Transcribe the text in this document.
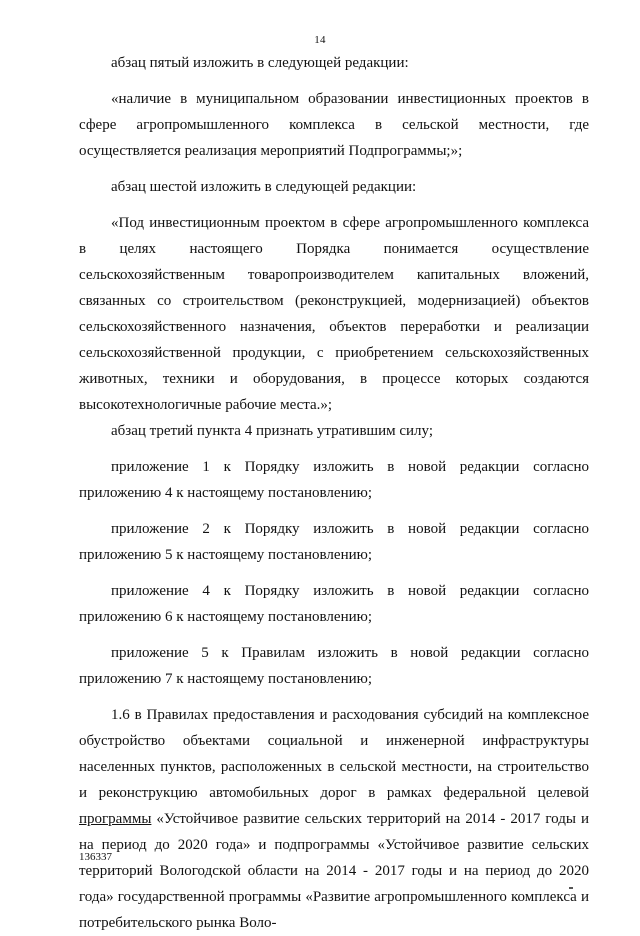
14

абзац пятый изложить в следующей редакции:

«наличие в муниципальном образовании инвестиционных проектов в сфере агропромышленного комплекса в сельской местности, где осуществляется реализация мероприятий Подпрограммы;»;

абзац шестой изложить в следующей редакции:

«Под инвестиционным проектом в сфере агропромышленного комплекса в целях настоящего Порядка понимается осуществление сельскохозяйственным товаропроизводителем капитальных вложений, связанных со строительством (реконструкцией, модернизацией) объектов сельскохозяйственного назначения, объектов переработки и реализации сельскохозяйственной продукции, с приобретением сельскохозяйственных животных, техники и оборудования, в процессе которых создаются высокотехнологичные рабочие места.»;

абзац третий пункта 4 признать утратившим силу;

приложение 1 к Порядку изложить в новой редакции согласно приложению 4 к настоящему постановлению;

приложение 2 к Порядку изложить в новой редакции согласно приложению 5 к настоящему постановлению;

приложение 4 к Порядку изложить в новой редакции согласно приложению 6 к настоящему постановлению;

приложение 5 к Правилам изложить в новой редакции согласно приложению 7 к настоящему постановлению;

1.6 в Правилах предоставления и расходования субсидий на комплексное обустройство объектами социальной и инженерной инфраструктуры населенных пунктов, расположенных в сельской местности, на строительство и реконструкцию автомобильных дорог в рамках федеральной целевой программы «Устойчивое развитие сельских территорий на 2014 - 2017 годы и на период до 2020 года» и подпрограммы «Устойчивое развитие сельских территорий Вологодской области на 2014 - 2017 годы и на период до 2020 года» государственной программы «Развитие агропромышленного комплекса и потребительского рынка Воло-

136337
